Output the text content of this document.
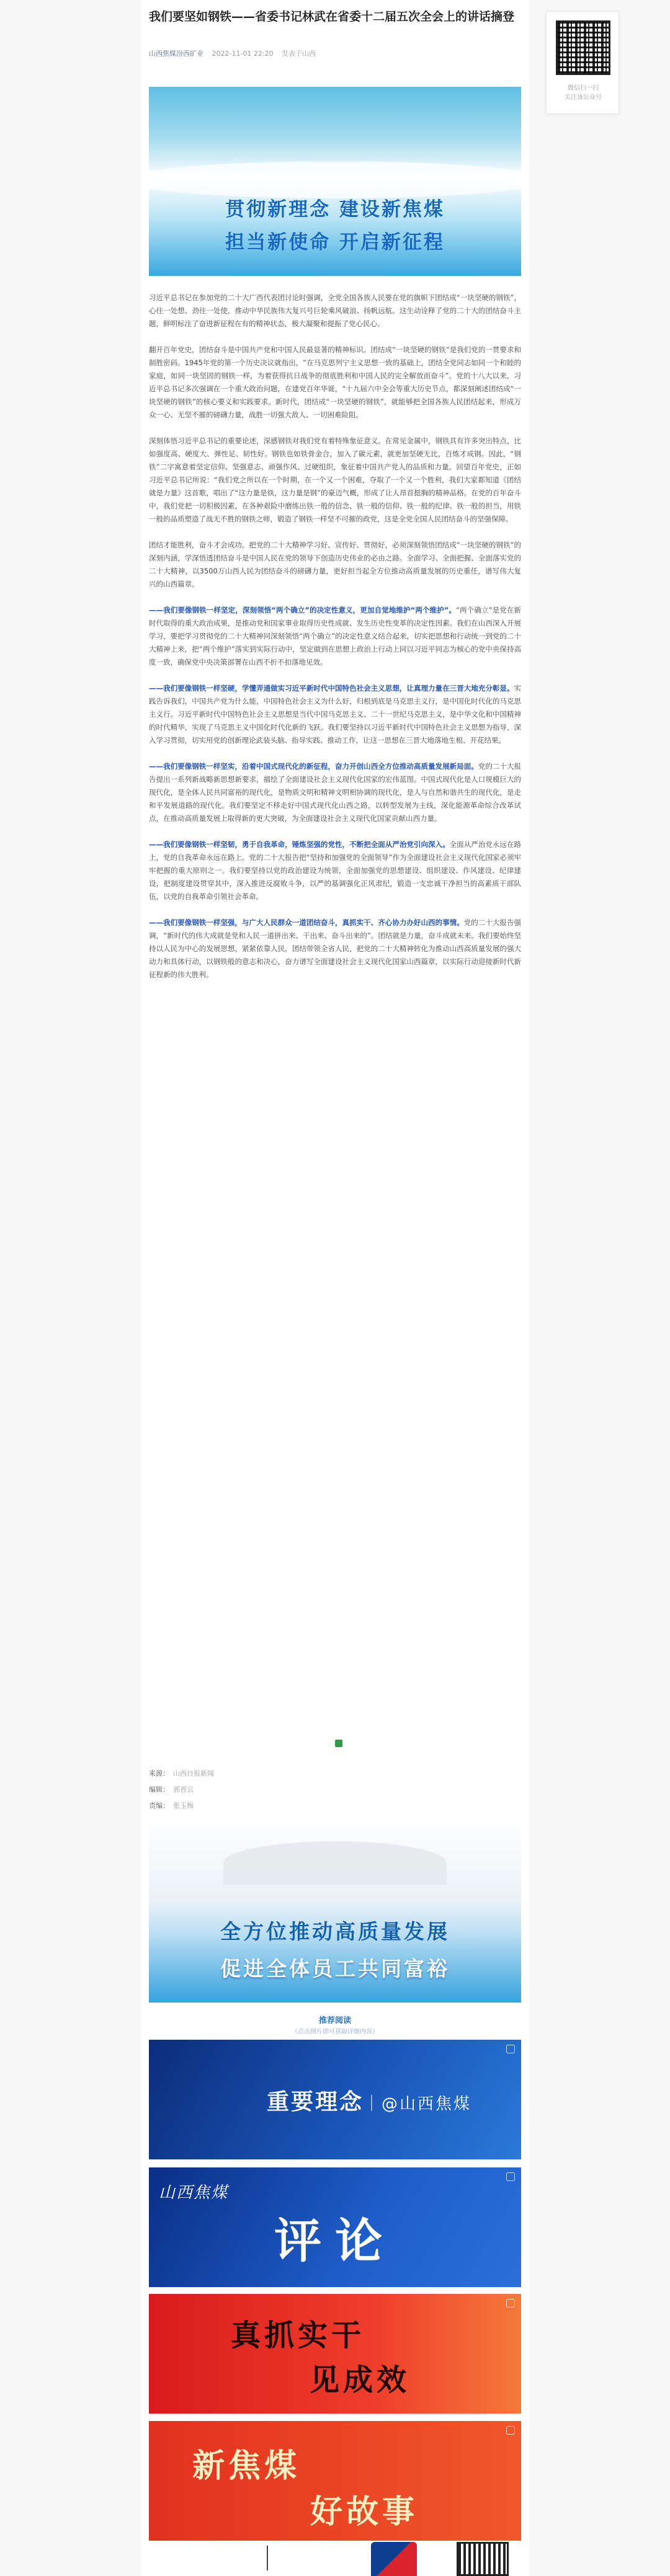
我们要坚如钢铁——省委书记林武在省委十二届五次全会上的讲话摘登
山西焦煤汾西矿业 2022-11-01 22:20 发表于山西
微信扫一扫
关注该公众号
贯彻新理念 建设新焦煤
担当新使命 开启新征程

习近平总书记在参加党的二十大广西代表团讨论时强调，全党全国各族人民要在党的旗帜下团结成“一块坚硬的钢铁”，心往一处想、劲往一处使，推动中华民族伟大复兴号巨轮乘风破浪、扬帆远航。这生动诠释了党的二十大的团结奋斗主题，鲜明标注了奋进新征程在有的精神状态，极大凝聚和提振了党心民心。

翻开百年党史，团结奋斗是中国共产党和中国人民最显著的精神标识。团结成“一块坚硬的钢铁”是我们党的一贯要求和制胜密码。1945年党的第一个历史决议就指出，“在马克思列宁主义思想一致的基础上，团结全党同志如同一个和睦的家庭，如同一块坚固的钢铁一样，为着获得抗日战争的彻底胜利和中国人民的完全解放而奋斗”。党的十八大以来，习近平总书记多次强调在一个重大政治问题，在建党百年华诞，“十九届六中全会等重大历史节点，都深刻阐述团结成“一块坚硬的钢铁”的核心要义和实践要求。新时代，团结成“一块坚硬的钢铁”，就能够把全国各族人民团结起来，形成万众一心、无坚不摧的磅礴力量，战胜一切强大敌人、一切困难险阻。

深刻体悟习近平总书记的重要论述，深感钢铁对我们党有着特殊象征意义。在常见金属中，钢铁具有许多突出特点，比如强度高、硬度大、弹性足、韧性好。钢铁也如铁骨金合，加入了碳元素，就更加坚硬无比，百炼才成钢。因此，“钢铁”二字寓意着坚定信仰、坚强意志、顽强作风、过硬组织，象征着中国共产党人的品质和力量。回望百年党史，正如习近平总书记所说：“我们党之所以在一个时期，在一个又一个困难，夺取了一个又一个胜利，我们大家都知道《团结就是力量》这首歌，唱出了“这力量是铁，这力量是钢”的豪迈气概，形成了让人昂首挺胸的精神品格。在党的百年奋斗中，我们党把一切积极因素，在各种艰险中磨练出铁一般的信念、铁一般的信仰、铁一般的纪律、铁一般的担当，用铁一般的品质塑造了战无不胜的钢铁之师，锻造了钢铁一样坚不可摧的政党，这是全党全国人民团结奋斗的坚强保障。

团结才能胜利，奋斗才会成功。把党的二十大精神学习好、宣传好、贯彻好，必须深刻领悟团结成“一块坚硬的钢铁”的深刻内涵，学深悟透团结奋斗是中国人民在党的领导下创造历史伟业的必由之路。全面学习、全面把握、全面落实党的二十大精神，以3500万山西人民为团结奋斗的磅礴力量，更好担当起全方位推动高质量发展的历史重任，谱写伟大复兴的山西篇章。

——我们要像钢铁一样坚定，深刻领悟“两个确立”的决定性意义，更加自觉地维护“两个维护”。“两个确立”是党在新时代取得的重大政治成果，是推动党和国家事业取得历史性成就、发生历史性变革的决定性因素。我们在山西深入开展学习，要把学习贯彻党的二十大精神同深刻领悟“两个确立”的决定性意义结合起来，切实把思想和行动统一到党的二十大精神上来，把“两个维护”落实到实际行动中，坚定做到在思想上政治上行动上同以习近平同志为核心的党中央保持高度一致，确保党中央决策部署在山西不折不扣落地见效。

——我们要像钢铁一样坚硬，学懂弄通做实习近平新时代中国特色社会主义思想，让真理力量在三晋大地充分彰显。实践告诉我们，中国共产党为什么能，中国特色社会主义为什么好，归根到底是马克思主义行，是中国化时代化的马克思主义行。习近平新时代中国特色社会主义思想是当代中国马克思主义、二十一世纪马克思主义，是中华文化和中国精神的时代精华，实现了马克思主义中国化时代化新的飞跃。我们要坚持以习近平新时代中国特色社会主义思想为指导，深入学习贯彻，切实用党的创新理论武装头脑、指导实践、推动工作，让这一思想在三晋大地落地生根、开花结果。

——我们要像钢铁一样坚实，沿着中国式现代化的新征程，奋力开创山西全方位推动高质量发展新局面。党的二十大报告提出一系列新战略新思想新要求，描绘了全面建设社会主义现代化国家的宏伟蓝图。中国式现代化是人口规模巨大的现代化，是全体人民共同富裕的现代化，是物质文明和精神文明相协调的现代化，是人与自然和谐共生的现代化，是走和平发展道路的现代化。我们要坚定不移走好中国式现代化山西之路，以转型发展为主线，深化能源革命综合改革试点，在推动高质量发展上取得新的更大突破，为全面建设社会主义现代化国家贡献山西力量。

——我们要像钢铁一样坚韧，勇于自我革命，锤炼坚强的党性，不断把全面从严治党引向深入。全面从严治党永远在路上，党的自我革命永远在路上。党的二十大报告把“坚持和加强党的全面领导”作为全面建设社会主义现代化国家必须牢牢把握的重大原则之一。我们要坚持以党的政治建设为统领，全面加强党的思想建设、组织建设、作风建设、纪律建设，把制度建设贯穿其中，深入推进反腐败斗争，以严的基调强化正风肃纪，锻造一支忠诚干净担当的高素质干部队伍，以党的自我革命引领社会革命。

——我们要像钢铁一样坚强，与广大人民群众一道团结奋斗，真抓实干、齐心协力办好山西的事情。党的二十大报告强调，“新时代的伟大成就是党和人民一道拼出来、干出来、奋斗出来的”。团结就是力量，奋斗成就未来。我们要始终坚持以人民为中心的发展思想，紧紧依靠人民，团结带领全省人民，把党的二十大精神转化为推动山西高质量发展的强大动力和具体行动，以钢铁般的意志和决心，奋力谱写全面建设社会主义现代化国家山西篇章，以实际行动迎接新时代新征程新的伟大胜利。

来源： 山西日报新闻
编辑： 郭晋云
责编： 张玉梅
全方位推动高质量发展
促进全体员工共同富裕
推荐阅读
（点击图片即可获取详细内容）
重要理念｜@山西焦煤
山西焦煤
评论
真抓实干
见成效
新焦煤
好故事
